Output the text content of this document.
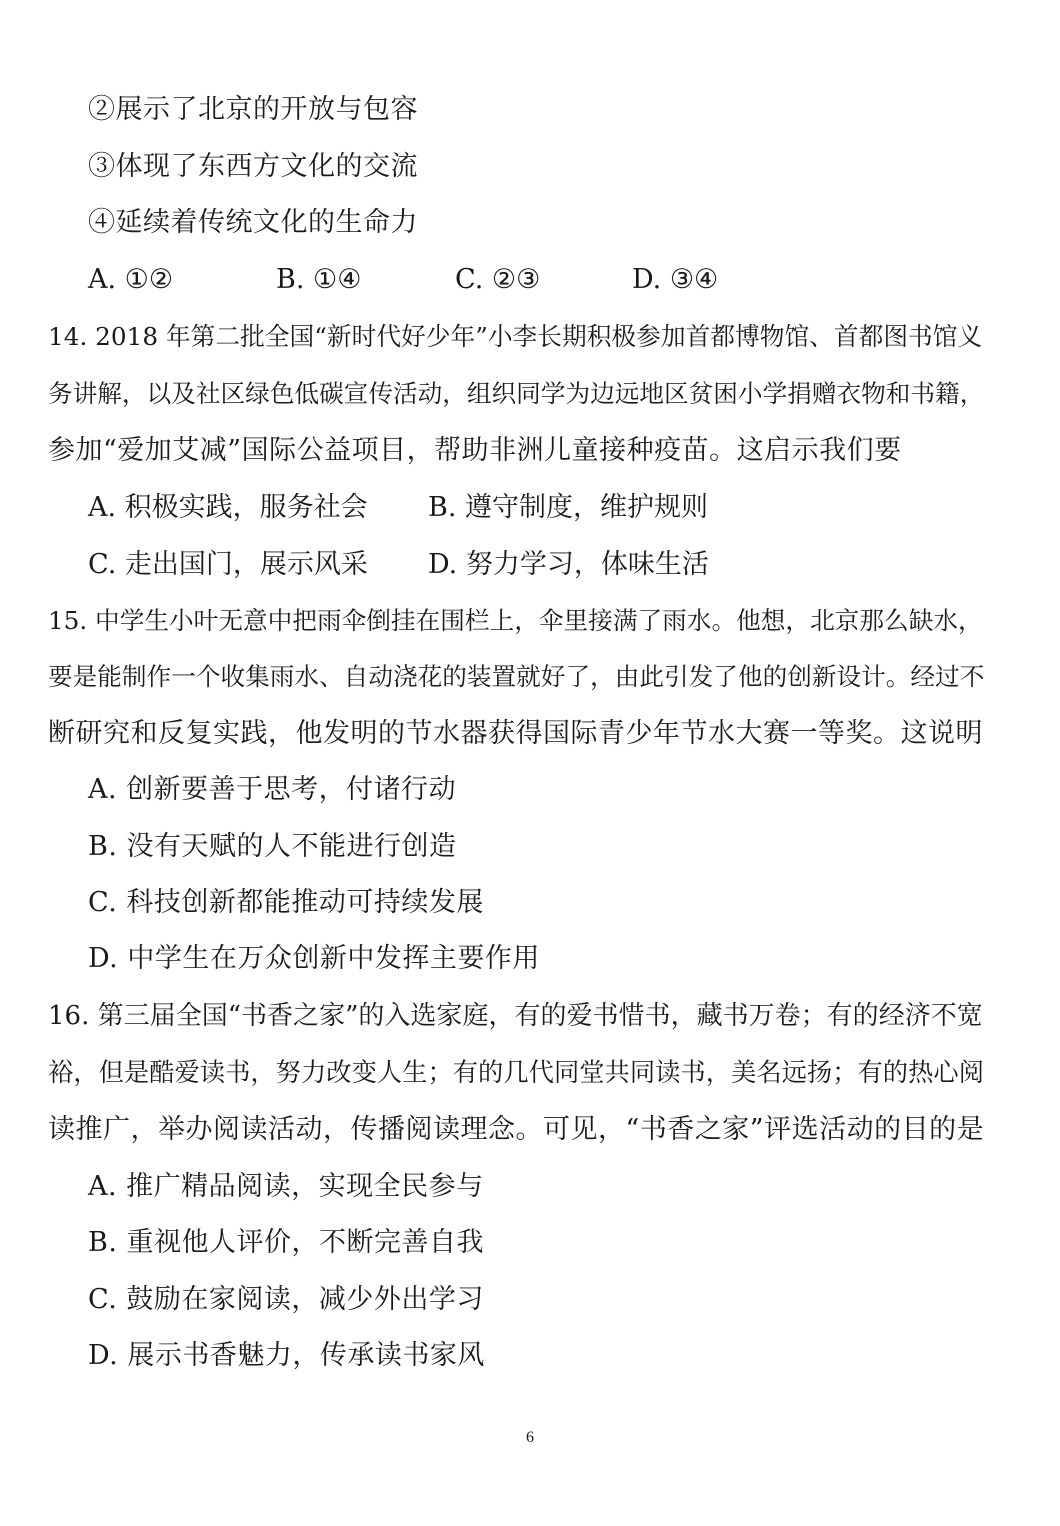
②展示了北京的开放与包容
③体现了东西方文化的交流
④延续着传统文化的生命力
A. ①②	B. ①④	C. ②③	D. ③④
14. 2018 年第二批全国“新时代好少年”小李长期积极参加首都博物馆、首都图书馆义
务讲解，以及社区绿色低碳宣传活动，组织同学为边远地区贫困小学捐赠衣物和书籍，
参加“爱加艾减”国际公益项目，帮助非洲儿童接种疫苗。这启示我们要
A. 积极实践，服务社会 B. 遵守制度，维护规则
C. 走出国门，展示风采 D. 努力学习，体味生活
15. 中学生小叶无意中把雨伞倒挂在围栏上，伞里接满了雨水。他想，北京那么缺水，
要是能制作一个收集雨水、自动浇花的装置就好了，由此引发了他的创新设计。经过不
断研究和反复实践，他发明的节水器获得国际青少年节水大赛一等奖。这说明
A. 创新要善于思考，付诸行动
B. 没有天赋的人不能进行创造
C. 科技创新都能推动可持续发展
D. 中学生在万众创新中发挥主要作用
16. 第三届全国“书香之家”的入选家庭，有的爱书惜书，藏书万卷；有的经济不宽
裕，但是酷爱读书，努力改变人生；有的几代同堂共同读书，美名远扬；有的热心阅
读推广，举办阅读活动，传播阅读理念。可见，“书香之家”评选活动的目的是
A. 推广精品阅读，实现全民参与
B. 重视他人评价，不断完善自我
C. 鼓励在家阅读，减少外出学习
D. 展示书香魅力，传承读书家风
6
